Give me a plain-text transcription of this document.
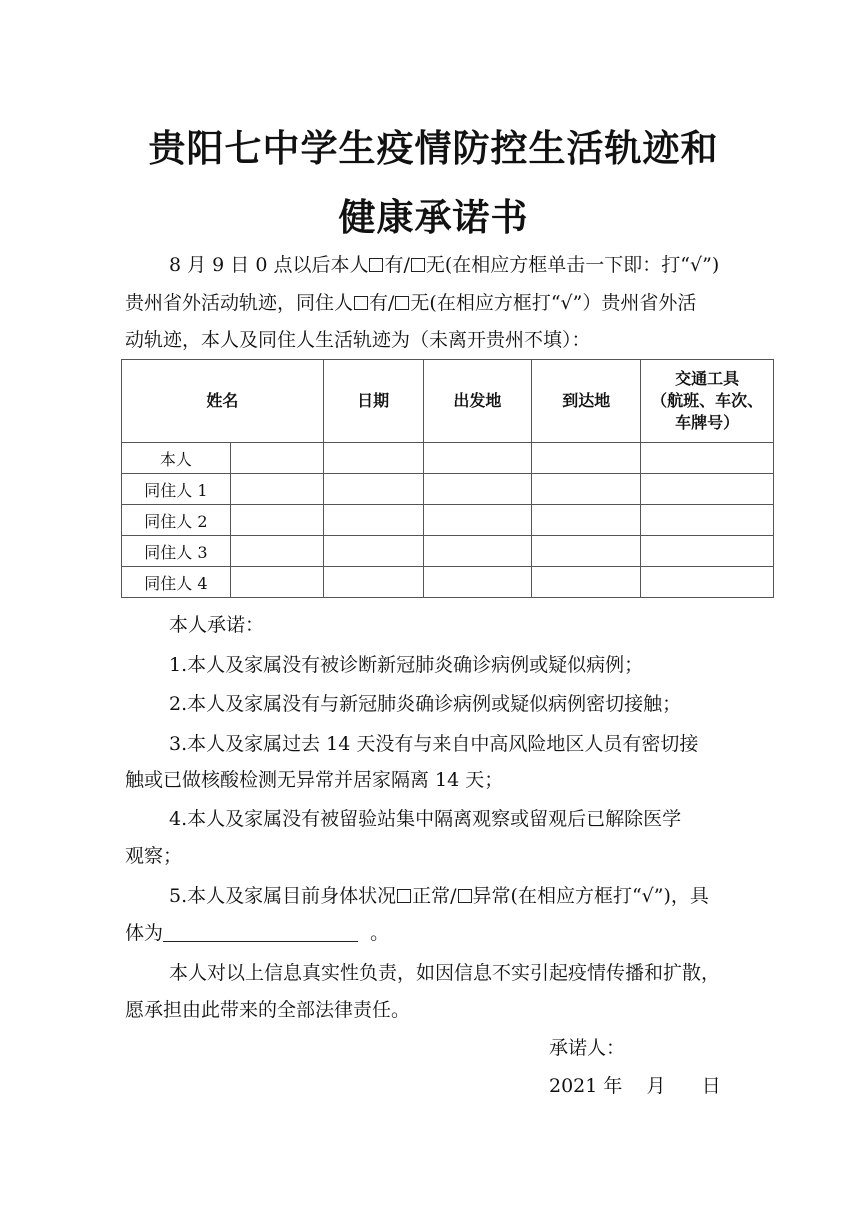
贵阳七中学生疫情防控生活轨迹和
健康承诺书
8 月 9 日 0 点以后本人 有/ 无(在相应方框单击一下即：打“√”)
贵州省外活动轨迹，同住人 有/ 无(在相应方框打“√”）贵州省外活
动轨迹，本人及同住人生活轨迹为（未离开贵州不填）：
姓名		日期	出发地	到达地	交通工具
（航班、车次、
车牌号）

本人					
同住人 1					
同住人 2					
同住人 3					
同住人 4					
本人承诺：
1.本人及家属没有被诊断新冠肺炎确诊病例或疑似病例；
2.本人及家属没有与新冠肺炎确诊病例或疑似病例密切接触；
3.本人及家属过去 14 天没有与来自中高风险地区人员有密切接
触或已做核酸检测无异常并居家隔离 14 天；
4.本人及家属没有被留验站集中隔离观察或留观后已解除医学
观察；
5.本人及家属目前身体状况 正常/ 异常(在相应方框打“√”)，具
体为	。
本人对以上信息真实性负责，如因信息不实引起疫情传播和扩散，
愿承担由此带来的全部法律责任。
承诺人：
2021 年    月      日
